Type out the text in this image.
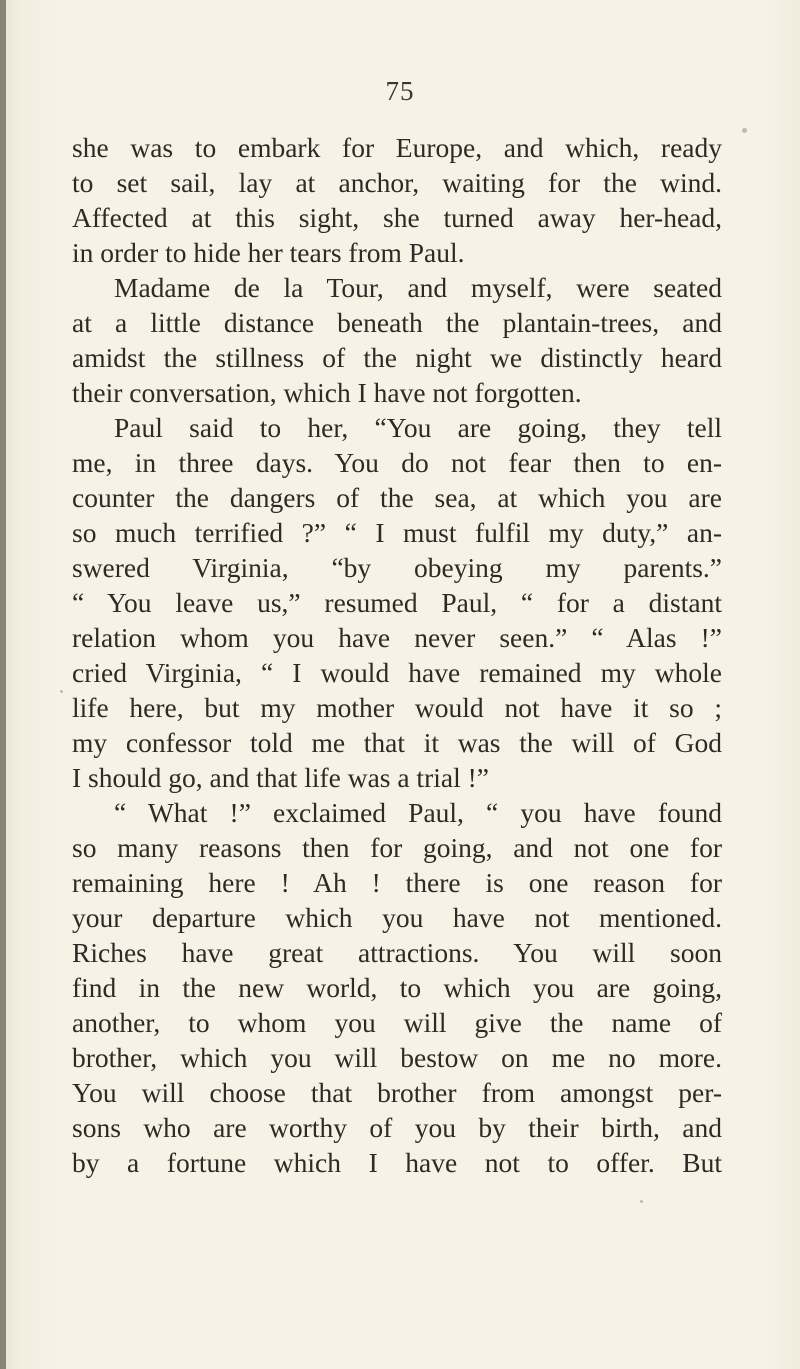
75
she was to embark for Europe, and which, ready
to set sail, lay at anchor, waiting for the wind.
Affected at this sight, she turned away her-head,
in order to hide her tears from Paul.
Madame de la Tour, and myself, were seated
at a little distance beneath the plantain-trees, and
amidst the stillness of the night we distinctly heard
their conversation, which I have not forgotten.
Paul said to her, “You are going, they tell
me, in three days. You do not fear then to en-
counter the dangers of the sea, at which you are
so much terrified ?” “ I must fulfil my duty,” an-
swered Virginia, “by obeying my parents.”
“ You leave us,” resumed Paul, “ for a distant
relation whom you have never seen.” “ Alas !”
cried Virginia, “ I would have remained my whole
life here, but my mother would not have it so ;
my confessor told me that it was the will of God
I should go, and that life was a trial !”
“ What !” exclaimed Paul, “ you have found
so many reasons then for going, and not one for
remaining here ! Ah ! there is one reason for
your departure which you have not mentioned.
Riches have great attractions. You will soon
find in the new world, to which you are going,
another, to whom you will give the name of
brother, which you will bestow on me no more.
You will choose that brother from amongst per-
sons who are worthy of you by their birth, and
by a fortune which I have not to offer. But
